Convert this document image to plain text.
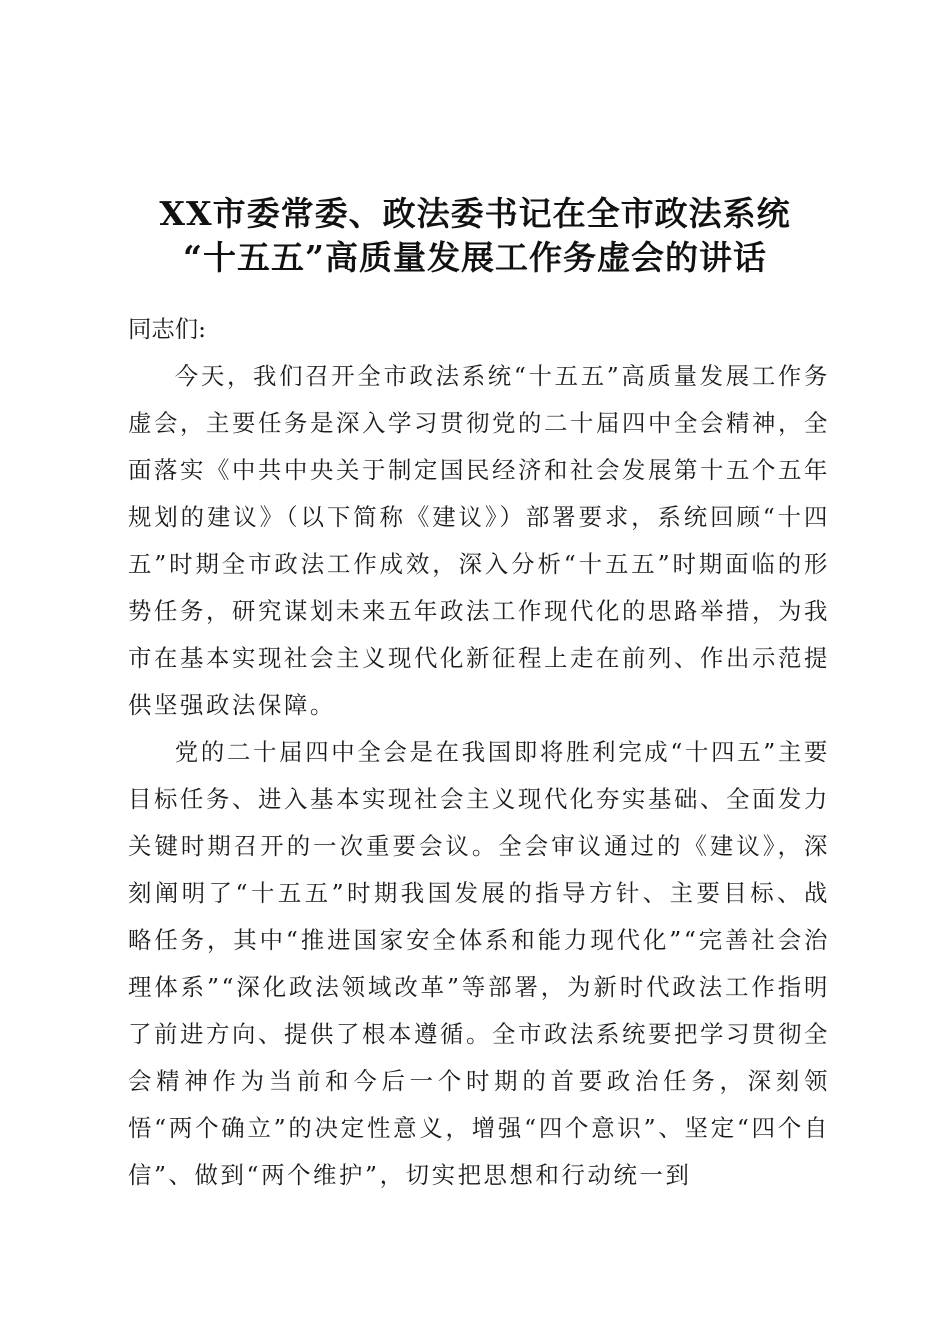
XX市委常委、政法委书记在全市政法系统
“十五五”高质量发展工作务虚会的讲话

同志们:

今天，我们召开全市政法系统“十五五”高质量发展工作务虚会，主要任务是深入学习贯彻党的二十届四中全会精神，全面落实《中共中央关于制定国民经济和社会发展第十五个五年规划的建议》（以下简称《建议》）部署要求，系统回顾“十四五”时期全市政法工作成效，深入分析“十五五”时期面临的形势任务，研究谋划未来五年政法工作现代化的思路举措，为我市在基本实现社会主义现代化新征程上走在前列、作出示范提供坚强政法保障。

党的二十届四中全会是在我国即将胜利完成“十四五”主要目标任务、进入基本实现社会主义现代化夯实基础、全面发力关键时期召开的一次重要会议。全会审议通过的《建议》，深刻阐明了“十五五”时期我国发展的指导方针、主要目标、战略任务，其中“推进国家安全体系和能力现代化”“完善社会治理体系”“深化政法领域改革”等部署，为新时代政法工作指明了前进方向、提供了根本遵循。全市政法系统要把学习贯彻全会精神作为当前和今后一个时期的首要政治任务，深刻领悟“两个确立”的决定性意义，增强“四个意识”、坚定“四个自信”、做到“两个维护”，切实把思想和行动统一到
